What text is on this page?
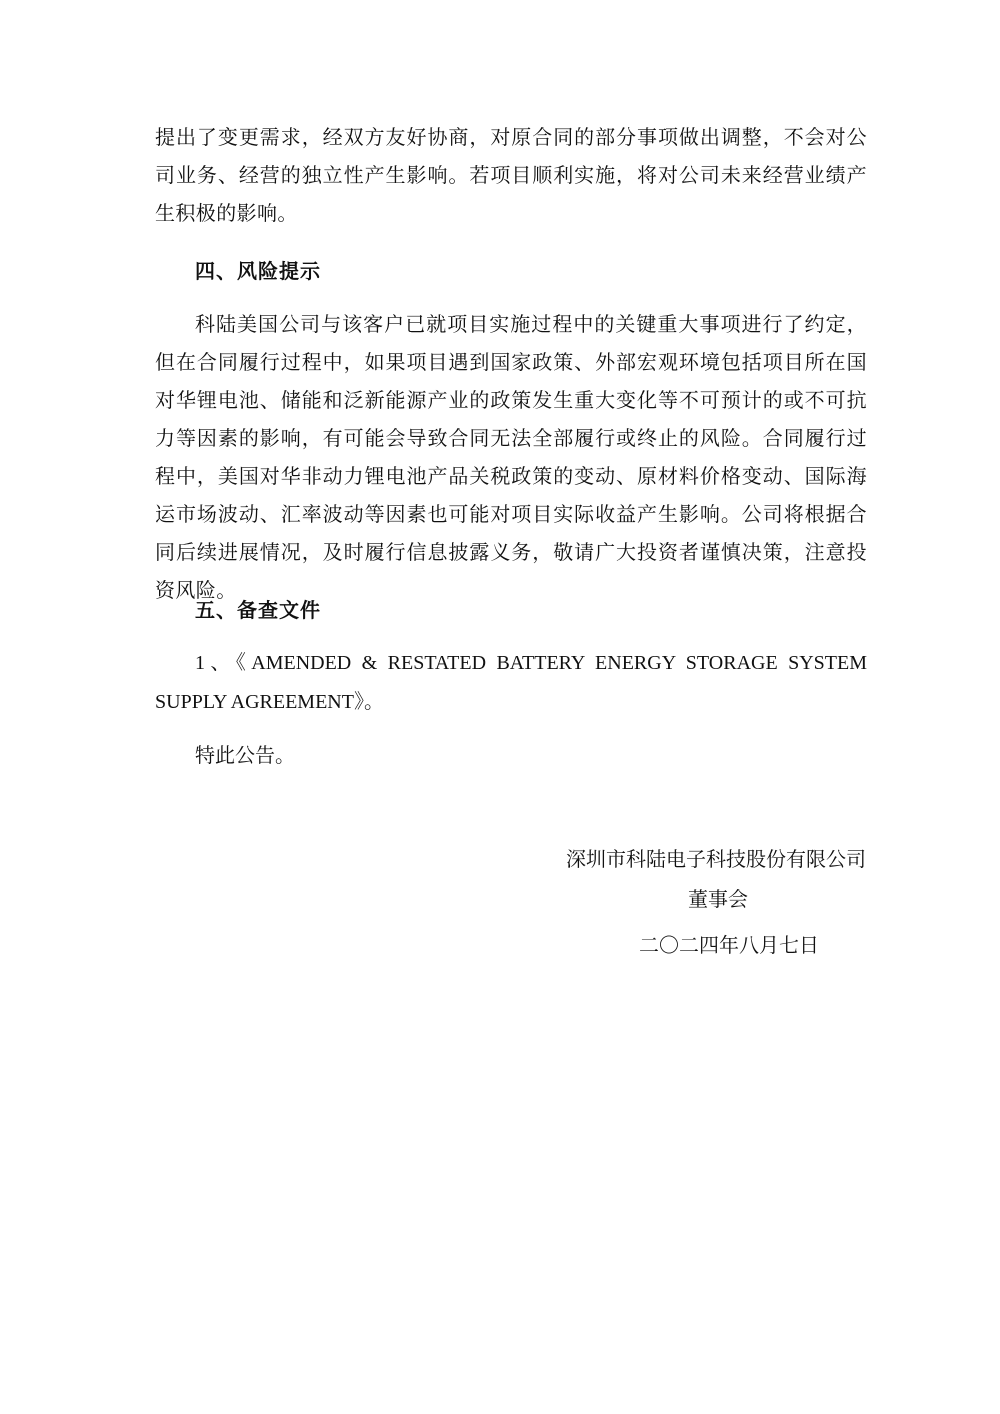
提出了变更需求，经双方友好协商，对原合同的部分事项做出调整，不会对公司业务、经营的独立性产生影响。若项目顺利实施，将对公司未来经营业绩产生积极的影响。

四、风险提示

科陆美国公司与该客户已就项目实施过程中的关键重大事项进行了约定，但在合同履行过程中，如果项目遇到国家政策、外部宏观环境包括项目所在国对华锂电池、储能和泛新能源产业的政策发生重大变化等不可预计的或不可抗力等因素的影响，有可能会导致合同无法全部履行或终止的风险。合同履行过程中，美国对华非动力锂电池产品关税政策的变动、原材料价格变动、国际海运市场波动、汇率波动等因素也可能对项目实际收益产生影响。公司将根据合同后续进展情况，及时履行信息披露义务，敬请广大投资者谨慎决策，注意投资风险。

五、备查文件

1、《AMENDED & RESTATED BATTERY ENERGY STORAGE SYSTEM

SUPPLY AGREEMENT》。

特此公告。

深圳市科陆电子科技股份有限公司

董事会

二〇二四年八月七日
